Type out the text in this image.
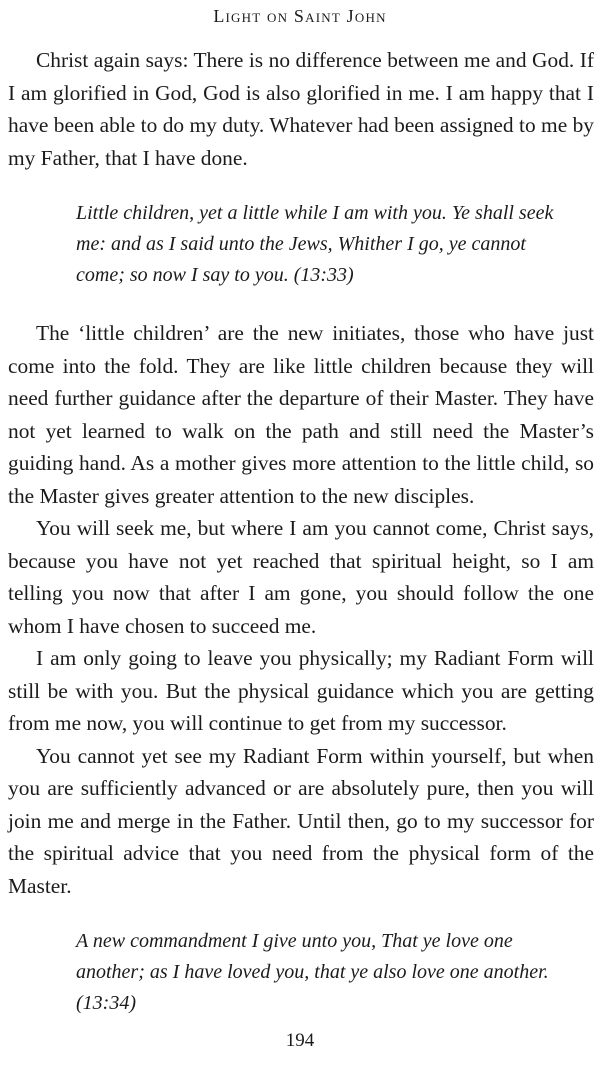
Light on Saint John

Christ again says: There is no difference between me and God. If I am glorified in God, God is also glorified in me. I am happy that I have been able to do my duty. Whatever had been assigned to me by my Father, that I have done.

Little children, yet a little while I am with you. Ye shall seek me: and as I said unto the Jews, Whither I go, ye cannot come; so now I say to you. (13:33)

The ‘little children’ are the new initiates, those who have just come into the fold. They are like little children because they will need further guidance after the departure of their Master. They have not yet learned to walk on the path and still need the Master’s guiding hand. As a mother gives more attention to the little child, so the Master gives greater attention to the new disciples.

You will seek me, but where I am you cannot come, Christ says, because you have not yet reached that spiritual height, so I am telling you now that after I am gone, you should follow the one whom I have chosen to succeed me.

I am only going to leave you physically; my Radiant Form will still be with you. But the physical guidance which you are getting from me now, you will continue to get from my successor.

You cannot yet see my Radiant Form within yourself, but when you are sufficiently advanced or are absolutely pure, then you will join me and merge in the Father. Until then, go to my successor for the spiritual advice that you need from the physical form of the Master.

A new commandment I give unto you, That ye love one another; as I have loved you, that ye also love one another. (13:34)

194
